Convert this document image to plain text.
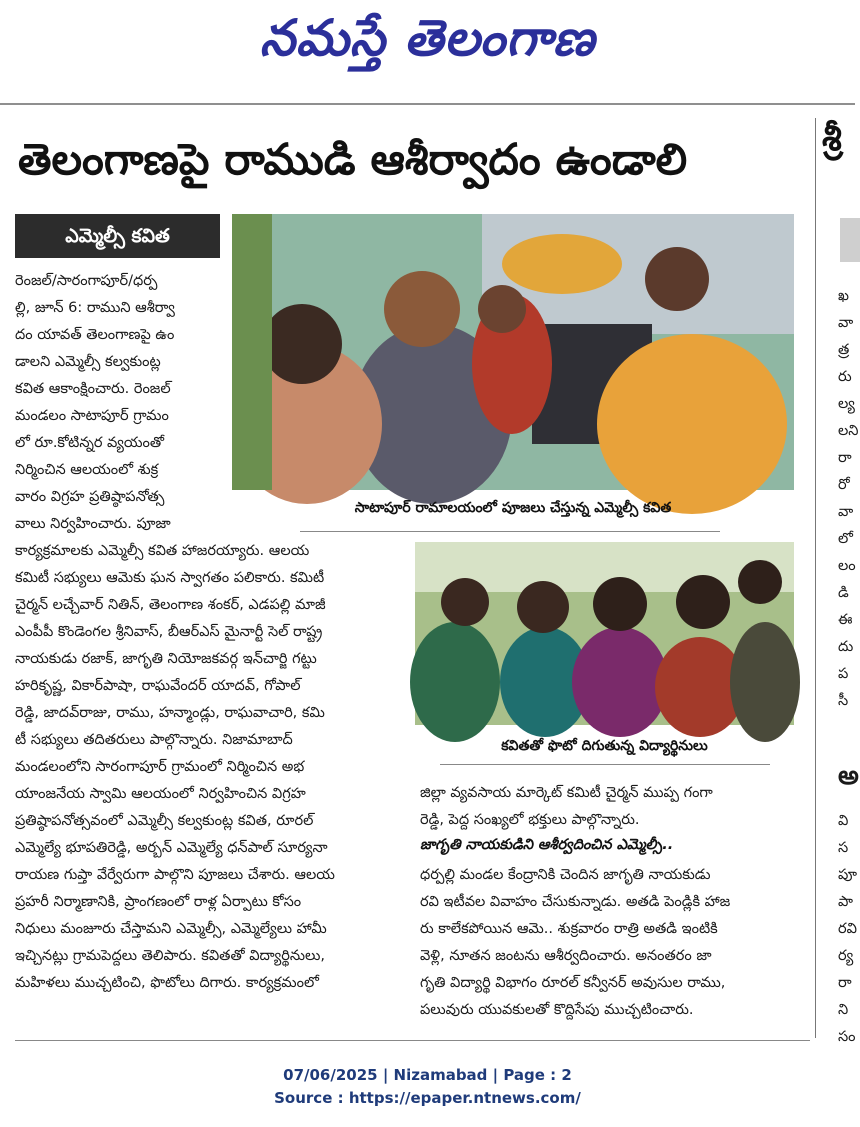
నమస్తే తెలంగాణ
తెలంగాణపై రాముడి ఆశీర్వాదం ఉండాలి
ఎమ్మెల్సీ కవిత
సాటాపూర్ రామాలయంలో పూజలు చేస్తున్న ఎమ్మెల్సీ కవిత
కవితతో ఫొటో దిగుతున్న విద్యార్థినులు

రెంజల్/సారంగాపూర్/ధర్ప

ల్లి, జూన్ 6: రాముని ఆశీర్వా

దం యావత్ తెలంగాణపై ఉం

డాలని ఎమ్మెల్సీ కల్వకుంట్ల

కవిత ఆకాంక్షించారు. రెంజల్

మండలం సాటాపూర్ గ్రామం

లో రూ.కోటిన్నర వ్యయంతో

నిర్మించిన ఆలయంలో శుక్ర

వారం విగ్రహ ప్రతిష్ఠాపనోత్స

వాలు నిర్వహించారు. పూజా

కార్యక్రమాలకు ఎమ్మెల్సీ కవిత హాజరయ్యారు. ఆలయ

కమిటీ సభ్యులు ఆమెకు ఘన స్వాగతం పలికారు. కమిటీ

చైర్మన్ లచ్చేవార్ నితిన్, తెలంగాణ శంకర్, ఎడపల్లి మాజీ

ఎంపీపీ కొండెంగల శ్రీనివాస్, బీఆర్ఎస్ మైనార్టీ సెల్ రాష్ట్ర

నాయకుడు రజాక్, జాగృతి నియోజకవర్గ ఇన్‌చార్జి గట్టు

హరికృష్ణ, వికార్‌పాషా, రాఘవేందర్ యాదవ్, గోపాల్

రెడ్డి, జాదవ్‌రాజు, రాము, హన్మాండ్లు, రాఘవాచారి, కమి

టీ సభ్యులు తదితరులు పాల్గొన్నారు. నిజామాబాద్

మండలంలోని సారంగాపూర్ గ్రామంలో నిర్మించిన అభ

యాంజనేయ స్వామి ఆలయంలో నిర్వహించిన విగ్రహ

ప్రతిష్ఠాపనోత్సవంలో ఎమ్మెల్సీ కల్వకుంట్ల కవిత, రూరల్

ఎమ్మెల్యే భూపతిరెడ్డి, అర్బన్ ఎమ్మెల్యే ధన్‌పాల్ సూర్యనా

రాయణ గుప్తా వేర్వేరుగా పాల్గొని పూజలు చేశారు. ఆలయ

ప్రహరీ నిర్మాణానికి, ప్రాంగణంలో రాళ్ల ఏర్పాటు కోసం

నిధులు మంజూరు చేస్తామని ఎమ్మెల్సీ, ఎమ్మెల్యేలు హామీ

ఇచ్చినట్లు గ్రామపెద్దలు తెలిపారు. కవితతో విద్యార్థినులు,

మహిళలు ముచ్చటించి, ఫొటోలు దిగారు. కార్యక్రమంలో

జిల్లా వ్యవసాయ మార్కెట్ కమిటీ చైర్మన్ ముప్ప గంగా

రెడ్డి, పెద్ద సంఖ్యలో భక్తులు పాల్గొన్నారు.

జాగృతి నాయకుడిని ఆశీర్వదించిన ఎమ్మెల్సీ..

ధర్పల్లి మండల కేంద్రానికి చెందిన జాగృతి నాయకుడు

రవి ఇటీవల వివాహం చేసుకున్నాడు. అతడి పెండ్లికి హాజ

రు కాలేకపోయిన ఆమె.. శుక్రవారం రాత్రి అతడి ఇంటికి

వెళ్లి, నూతన జంటను ఆశీర్వదించారు. అనంతరం జా

గృతి విద్యార్థి విభాగం రూరల్ కన్వీనర్ అవుసుల రాము,

పలువురు యువకులతో కొద్దిసేపు ముచ్చటించారు.

శ్రీ
ఖ
వా
త్ర
రు
ల్య
లని
రా
రో
వా
లో
లం
డి
ఈ
దు
ప
సీ
అ
వి
స
పూ
పా
రవి
ర్య
రా
ని
సం
07/06/2025 | Nizamabad | Page : 2
Source : https://epaper.ntnews.com/
